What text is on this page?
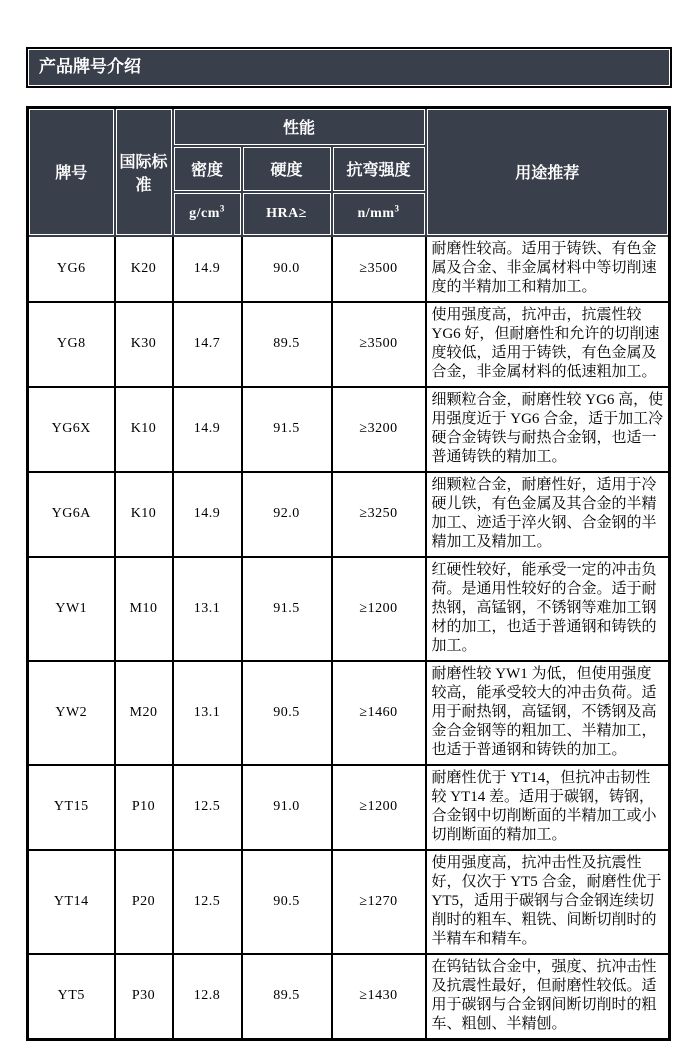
产品牌号介绍
牌号	国际标准	性能			用途推荐
		密度	硬度	抗弯强度	
		$g/cm^3$	HRA≥	$n/mm^3$
YG6	K20	14.9	90.0	≥3500	耐磨性较高。适用于铸铁、有色金属及合金、非金属材料中等切削速度的半精加工和精加工。
YG8	K30	14.7	89.5	≥3500	使用强度高，抗冲击，抗震性较YG6 好，但耐磨性和允许的切削速度较低，适用于铸铁，有色金属及合金，非金属材料的低速粗加工。
YG6X	K10	14.9	91.5	≥3200	细颗粒合金，耐磨性较 YG6 高，使用强度近于 YG6 合金，适于加工冷硬合金铸铁与耐热合金钢，也适一普通铸铁的精加工。
YG6A	K10	14.9	92.0	≥3250	细颗粒合金，耐磨性好，适用于冷硬儿铁，有色金属及其合金的半精加工、迹适于淬火钢、合金钢的半精加工及精加工。
YW1	M10	13.1	91.5	≥1200	红硬性较好，能承受一定的冲击负荷。是通用性较好的合金。适于耐热钢，高锰钢，不锈钢等难加工钢材的加工，也适于普通钢和铸铁的加工。
YW2	M20	13.1	90.5	≥1460	耐磨性较 YW1 为低，但使用强度较高，能承受较大的冲击负荷。适用于耐热钢，高锰钢，不锈钢及高金合金钢等的粗加工、半精加工，也适于普通钢和铸铁的加工。
YT15	P10	12.5	91.0	≥1200	耐磨性优于 YT14，但抗冲击韧性较 YT14 差。适用于碳钢，铸钢，合金钢中切削断面的半精加工或小切削断面的精加工。
YT14	P20	12.5	90.5	≥1270	使用强度高，抗冲击性及抗震性好，仅次于 YT5 合金，耐磨性优于 YT5，适用于碳钢与合金钢连续切削时的粗车、粗铣、间断切削时的半精车和精车。
YT5	P30	12.8	89.5	≥1430	在钨钴钛合金中，强度、抗冲击性及抗震性最好，但耐磨性较低。适用于碳钢与合金钢间断切削时的粗车、粗刨、半精刨。
